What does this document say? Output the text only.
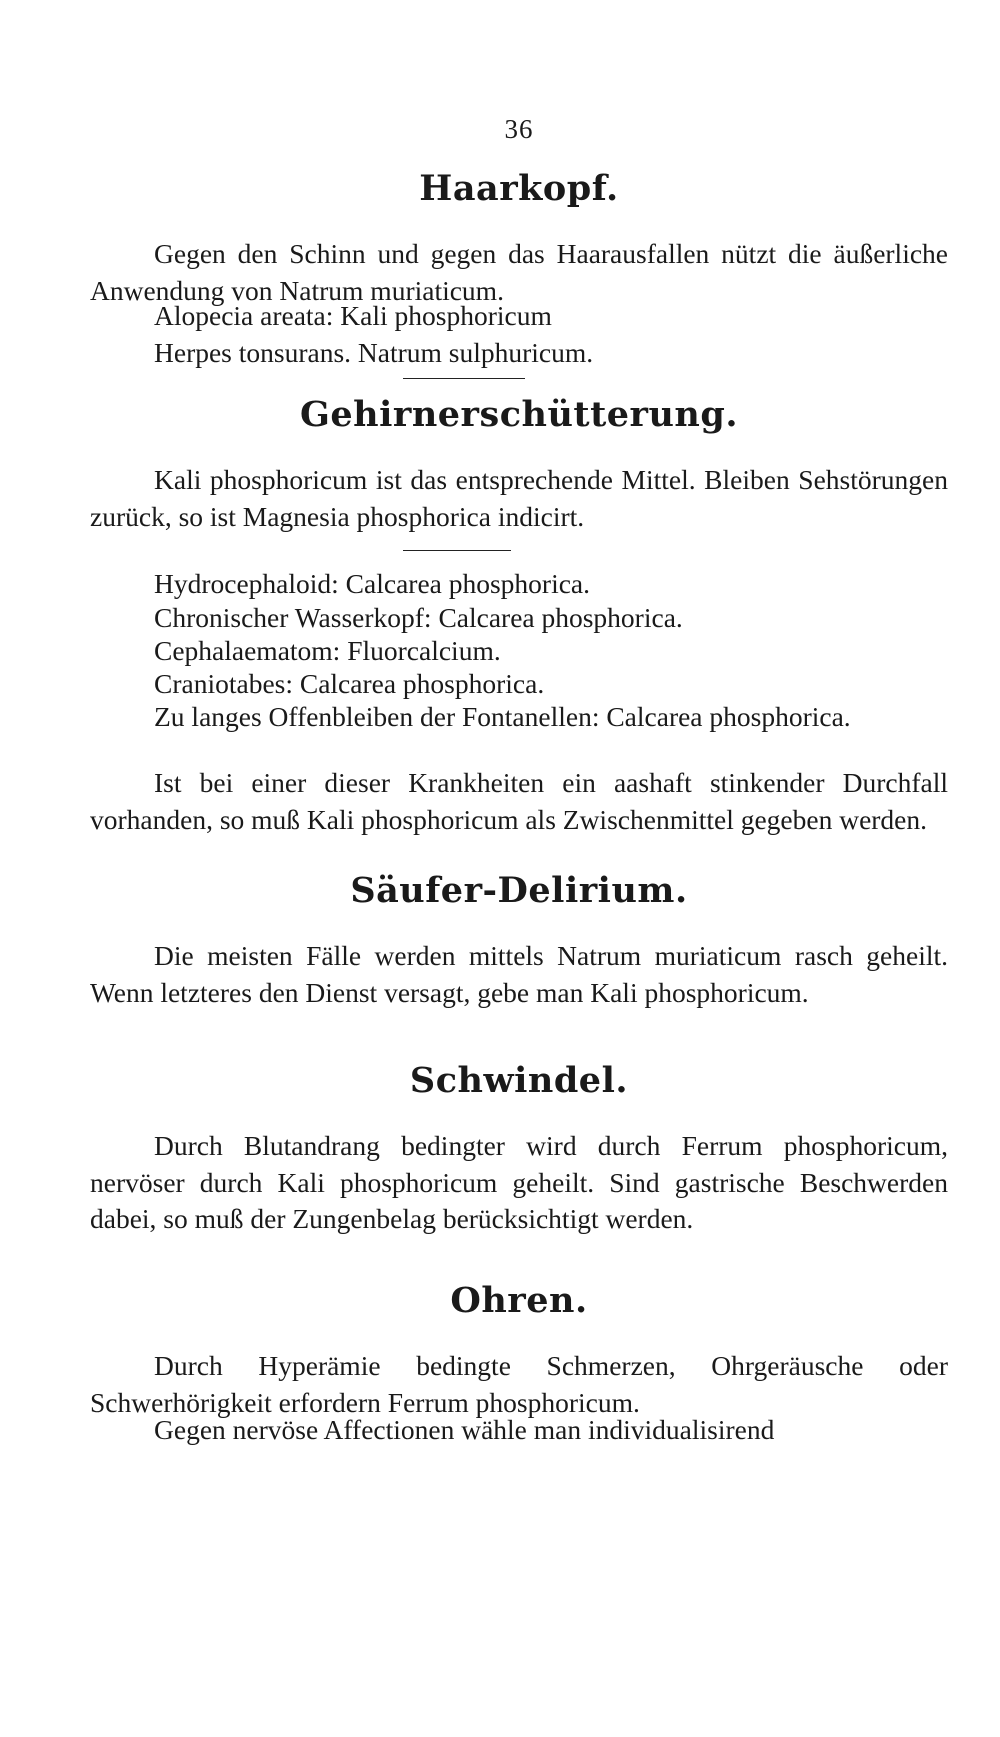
36
Haarkopf.

Gegen den Schinn und gegen das Haarausfallen nützt die äußerliche Anwendung von Natrum muriaticum.

Alopecia areata: Kali phosphoricum

Herpes tonsurans. Natrum sulphuricum.

Gehirnerschütterung.

Kali phosphoricum ist das entsprechende Mittel. Bleiben Sehstörungen zurück, so ist Magnesia phosphorica indicirt.

Hydrocephaloid: Calcarea phosphorica.

Chronischer Wasserkopf: Calcarea phosphorica.

Cephalaematom: Fluorcalcium.

Craniotabes: Calcarea phosphorica.

Zu langes Offenbleiben der Fontanellen: Calcarea phosphorica.

Ist bei einer dieser Krankheiten ein aashaft stinkender Durchfall vorhanden, so muß Kali phosphoricum als Zwischenmittel gegeben werden.

Säufer-Delirium.

Die meisten Fälle werden mittels Natrum muriaticum rasch geheilt. Wenn letzteres den Dienst versagt, gebe man Kali phosphoricum.

Schwindel.

Durch Blutandrang bedingter wird durch Ferrum phosphoricum, nervöser durch Kali phosphoricum geheilt. Sind gastrische Beschwerden dabei, so muß der Zungenbelag berücksichtigt werden.

Ohren.

Durch Hyperämie bedingte Schmerzen, Ohrgeräusche oder Schwerhörigkeit erfordern Ferrum phosphoricum.

Gegen nervöse Affectionen wähle man individualisirend
